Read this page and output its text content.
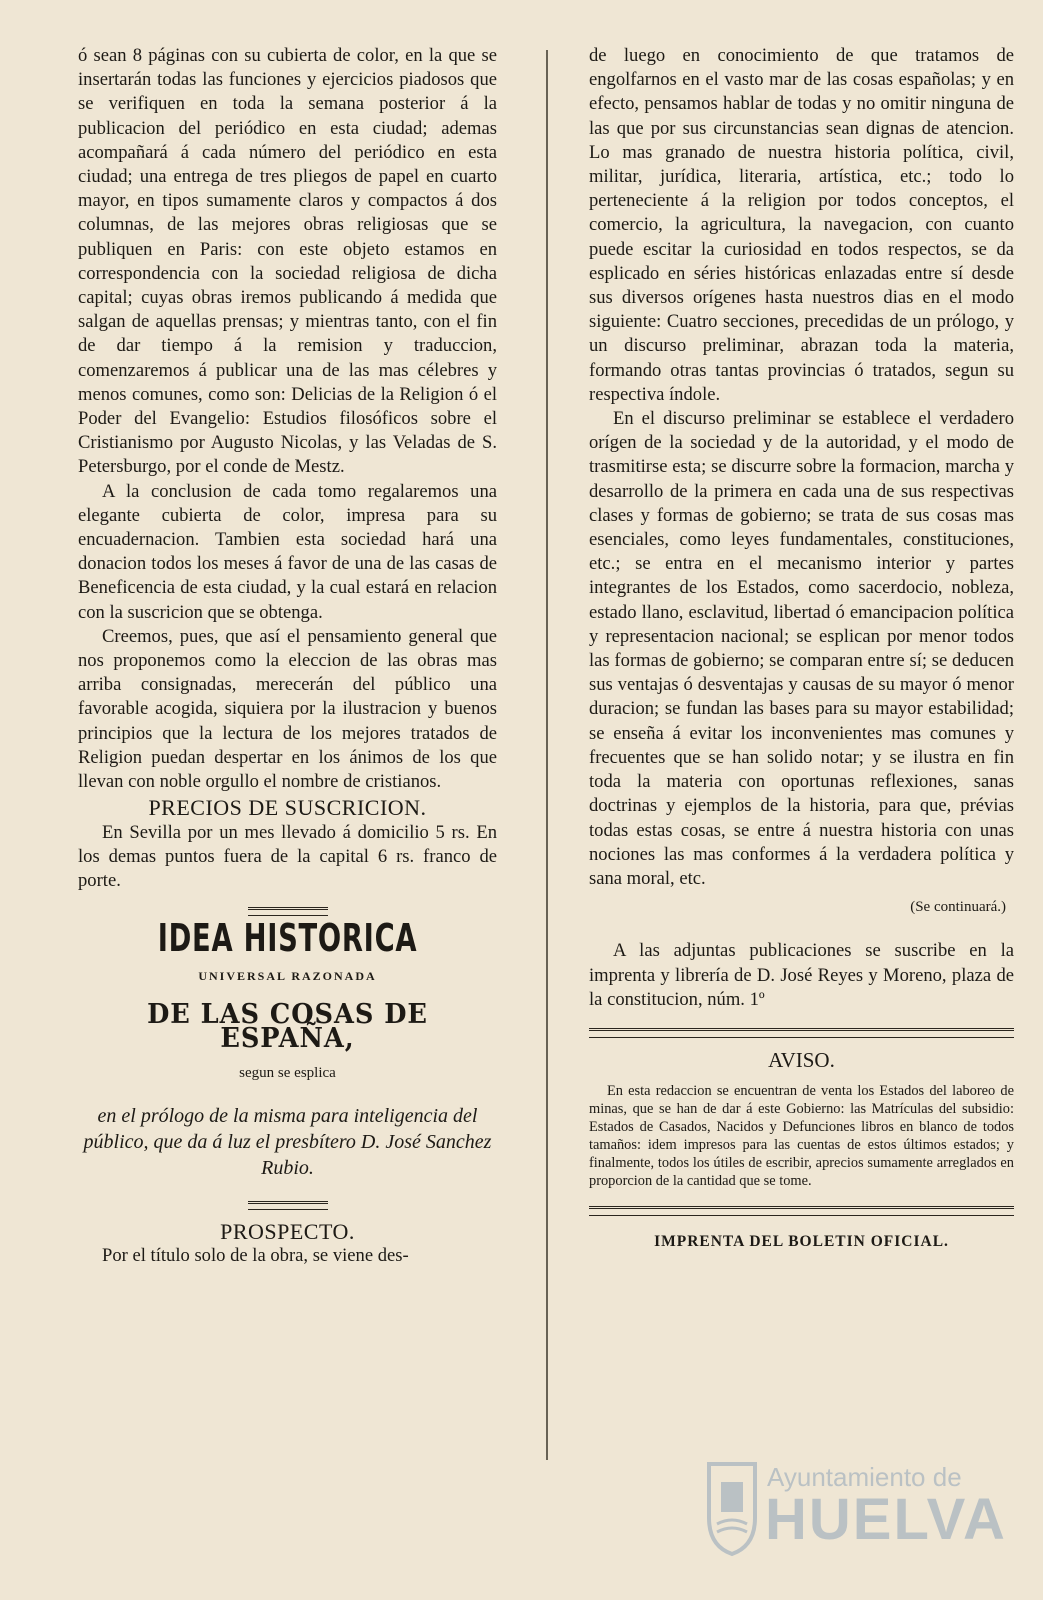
ó sean 8 páginas con su cubierta de color, en la que se insertarán todas las funciones y ejercicios piadosos que se verifiquen en toda la semana posterior á la publicacion del periódico en esta ciudad; ademas acompañará á cada número del periódico en esta ciudad; una entrega de tres pliegos de papel en cuarto mayor, en tipos sumamente claros y compactos á dos columnas, de las mejores obras religiosas que se publiquen en Paris: con este objeto estamos en correspondencia con la sociedad religiosa de dicha capital; cuyas obras iremos publicando á medida que salgan de aquellas prensas; y mientras tanto, con el fin de dar tiempo á la remision y traduccion, comenzaremos á publicar una de las mas célebres y menos comunes, como son: Delicias de la Religion ó el Poder del Evangelio: Estudios filosóficos sobre el Cristianismo por Augusto Nicolas, y las Veladas de S. Petersburgo, por el conde de Mestz.

A la conclusion de cada tomo regalaremos una elegante cubierta de color, impresa para su encuadernacion. Tambien esta sociedad hará una donacion todos los meses á favor de una de las casas de Beneficencia de esta ciudad, y la cual estará en relacion con la suscricion que se obtenga.

Creemos, pues, que así el pensamiento general que nos proponemos como la eleccion de las obras mas arriba consignadas, merecerán del público una favorable acogida, siquiera por la ilustracion y buenos principios que la lectura de los mejores tratados de Religion puedan despertar en los ánimos de los que llevan con noble orgullo el nombre de cristianos.

PRECIOS DE SUSCRICION.

En Sevilla por un mes llevado á domicilio 5 rs. En los demas puntos fuera de la capital 6 rs. franco de porte.

IDEA HISTORICA
UNIVERSAL RAZONADA
DE LAS COSAS DE ESPAÑA,
segun se esplica
en el prólogo de la misma para inteligencia del público, que da á luz el presbítero D. José Sanchez Rubio.
PROSPECTO.

Por el título solo de la obra, se viene des-

de luego en conocimiento de que tratamos de engolfarnos en el vasto mar de las cosas españolas; y en efecto, pensamos hablar de todas y no omitir ninguna de las que por sus circunstancias sean dignas de atencion. Lo mas granado de nuestra historia política, civil, militar, jurídica, literaria, artística, etc.; todo lo perteneciente á la religion por todos conceptos, el comercio, la agricultura, la navegacion, con cuanto puede escitar la curiosidad en todos respectos, se da esplicado en séries históricas enlazadas entre sí desde sus diversos orígenes hasta nuestros dias en el modo siguiente: Cuatro secciones, precedidas de un prólogo, y un discurso preliminar, abrazan toda la materia, formando otras tantas provincias ó tratados, segun su respectiva índole.

En el discurso preliminar se establece el verdadero orígen de la sociedad y de la autoridad, y el modo de trasmitirse esta; se discurre sobre la formacion, marcha y desarrollo de la primera en cada una de sus respectivas clases y formas de gobierno; se trata de sus cosas mas esenciales, como leyes fundamentales, constituciones, etc.; se entra en el mecanismo interior y partes integrantes de los Estados, como sacerdocio, nobleza, estado llano, esclavitud, libertad ó emancipacion política y representacion nacional; se esplican por menor todos las formas de gobierno; se comparan entre sí; se deducen sus ventajas ó desventajas y causas de su mayor ó menor duracion; se fundan las bases para su mayor estabilidad; se enseña á evitar los inconvenientes mas comunes y frecuentes que se han solido notar; y se ilustra en fin toda la materia con oportunas reflexiones, sanas doctrinas y ejemplos de la historia, para que, prévias todas estas cosas, se entre á nuestra historia con unas nociones las mas conformes á la verdadera política y sana moral, etc.

(Se continuará.)

A las adjuntas publicaciones se suscribe en la imprenta y librería de D. José Reyes y Moreno, plaza de la constitucion, núm. 1º

AVISO.

En esta redaccion se encuentran de venta los Estados del laboreo de minas, que se han de dar á este Gobierno: las Matrículas del subsidio: Estados de Casados, Nacidos y Defunciones libros en blanco de todos tamaños: idem impresos para las cuentas de estos últimos estados; y finalmente, todos los útiles de escribir, aprecios sumamente arreglados en proporcion de la cantidad que se tome.

IMPRENTA DEL BOLETIN OFICIAL.
Ayuntamiento de
HUELVA
